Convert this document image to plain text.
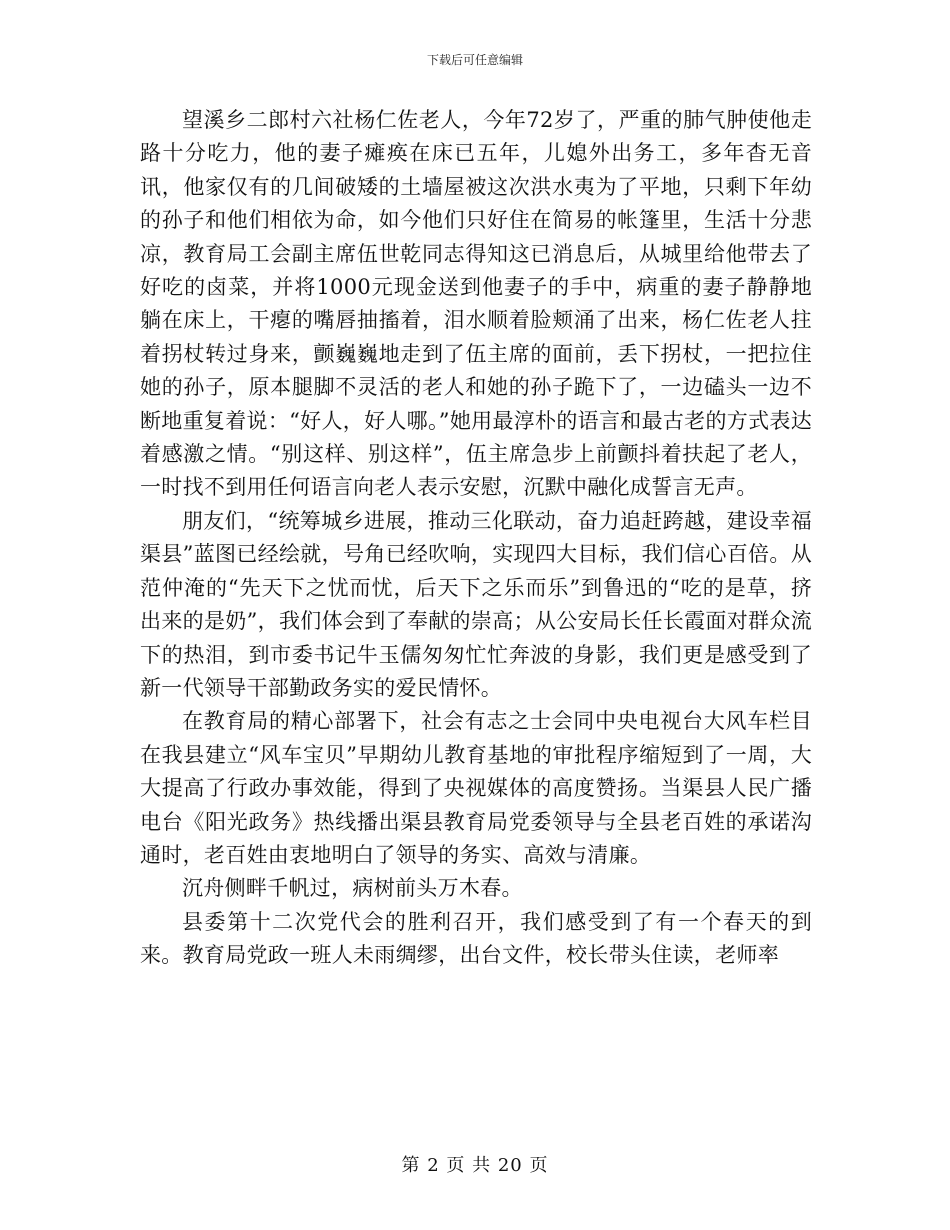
下载后可任意编辑

望溪乡二郎村六社杨仁佐老人，今年72岁了，严重的肺气肿使他走路十分吃力，他的妻子瘫痪在床已五年，儿媳外出务工，多年杳无音讯，他家仅有的几间破矮的土墙屋被这次洪水夷为了平地，只剩下年幼的孙子和他们相依为命，如今他们只好住在简易的帐篷里，生活十分悲凉，教育局工会副主席伍世乾同志得知这已消息后，从城里给他带去了好吃的卤菜，并将1000元现金送到他妻子的手中，病重的妻子静静地躺在床上，干瘪的嘴唇抽搐着，泪水顺着脸颊涌了出来，杨仁佐老人拄着拐杖转过身来，颤巍巍地走到了伍主席的面前，丢下拐杖，一把拉住她的孙子，原本腿脚不灵活的老人和她的孙子跪下了，一边磕头一边不断地重复着说：“好人，好人哪。”她用最淳朴的语言和最古老的方式表达着感激之情。“别这样、别这样”，伍主席急步上前颤抖着扶起了老人，一时找不到用任何语言向老人表示安慰，沉默中融化成誓言无声。

朋友们，“统筹城乡进展，推动三化联动，奋力追赶跨越，建设幸福渠县”蓝图已经绘就，号角已经吹响，实现四大目标，我们信心百倍。从范仲淹的“先天下之忧而忧，后天下之乐而乐”到鲁迅的“吃的是草，挤出来的是奶”，我们体会到了奉献的崇高；从公安局长任长霞面对群众流下的热泪，到市委书记牛玉儒匆匆忙忙奔波的身影，我们更是感受到了新一代领导干部勤政务实的爱民情怀。

在教育局的精心部署下，社会有志之士会同中央电视台大风车栏目在我县建立“风车宝贝”早期幼儿教育基地的审批程序缩短到了一周，大大提高了行政办事效能，得到了央视媒体的高度赞扬。当渠县人民广播电台《阳光政务》热线播出渠县教育局党委领导与全县老百姓的承诺沟通时，老百姓由衷地明白了领导的务实、高效与清廉。

沉舟侧畔千帆过，病树前头万木春。

县委第十二次党代会的胜利召开，我们感受到了有一个春天的到来。教育局党政一班人未雨绸缪，出台文件，校长带头住读，老师率

第 2 页 共 20 页
